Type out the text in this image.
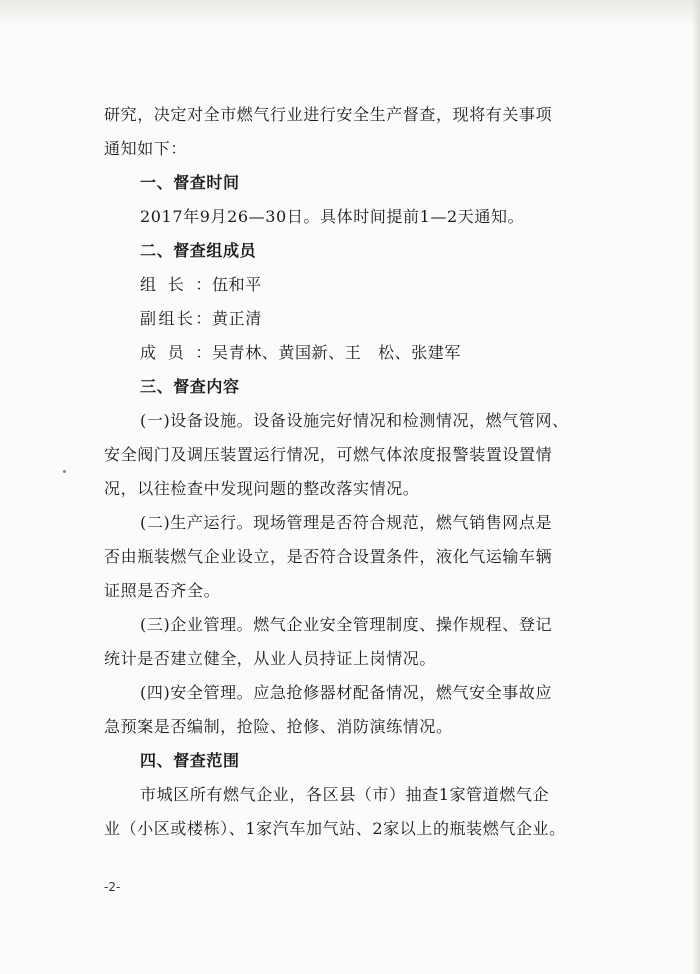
研究，决定对全市燃气行业进行安全生产督查，现将有关事项
通知如下：
一、督查时间
2017年9月26—30日。具体时间提前1—2天通知。
二、督查组成员
组长： 伍和平
副组长： 黄正清
成员： 吴青林、黄国新、王　松、张建军
三、督查内容
(一)设备设施。设备设施完好情况和检测情况，燃气管网、
安全阀门及调压装置运行情况，可燃气体浓度报警装置设置情
况，以往检查中发现问题的整改落实情况。
(二)生产运行。现场管理是否符合规范，燃气销售网点是
否由瓶装燃气企业设立，是否符合设置条件，液化气运输车辆
证照是否齐全。
(三)企业管理。燃气企业安全管理制度、操作规程、登记
统计是否建立健全，从业人员持证上岗情况。
(四)安全管理。应急抢修器材配备情况，燃气安全事故应
急预案是否编制，抢险、抢修、消防演练情况。
四、督查范围
市城区所有燃气企业，各区县（市）抽查1家管道燃气企
业（小区或楼栋）、1家汽车加气站、2家以上的瓶装燃气企业。
-2-
